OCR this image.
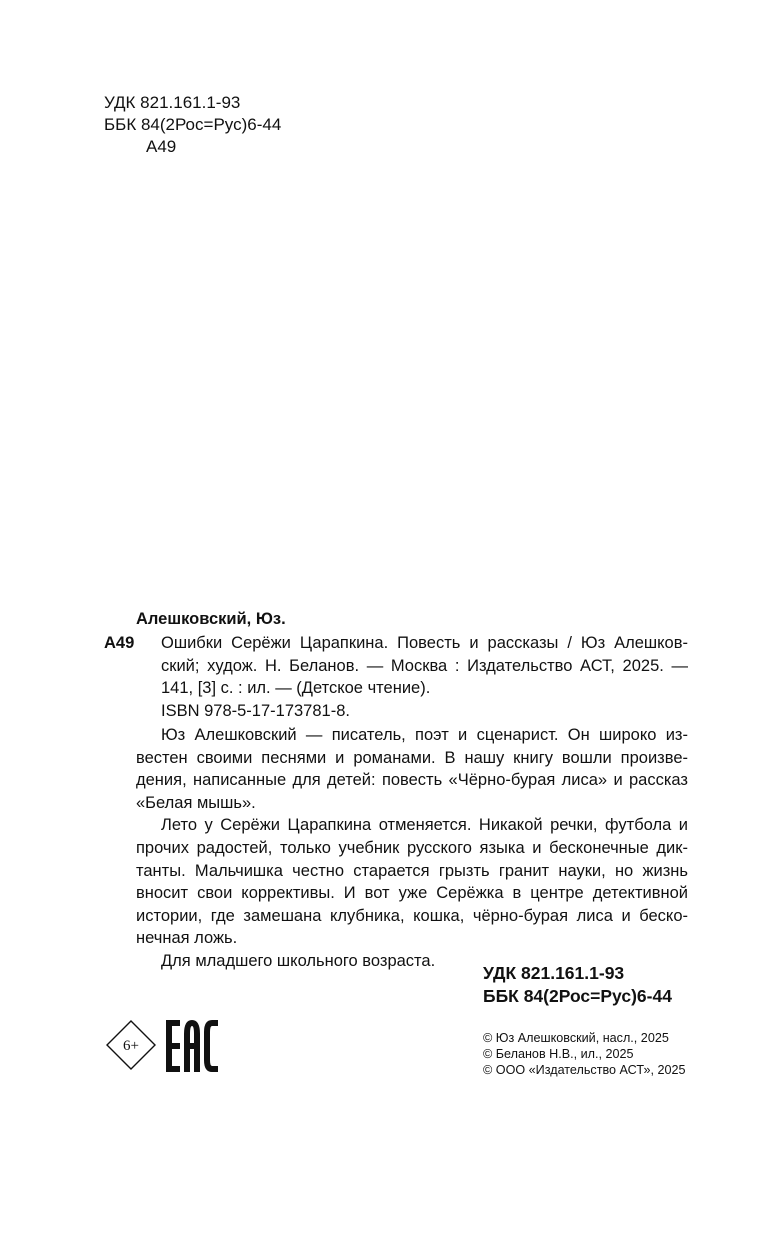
УДК 821.161.1-93
ББК 84(2Рос=Рус)6-44
А49
Алешковский, Юз.
А49 Ошибки Серёжи Царапкина. Повесть и рассказы / Юз Алешков-
ский; худож. Н. Беланов. — Москва : Издательство АСТ, 2025. —
141, [3] с. : ил. — (Детское чтение).
ISBN 978-5-17-173781-8.
Юз Алешковский — писатель, поэт и сценарист. Он широко из-
вестен своими песнями и романами. В нашу книгу вошли произве-
дения, написанные для детей: повесть «Чёрно-бурая лиса» и рассказ
«Белая мышь».
Лето у Серёжи Царапкина отменяется. Никакой речки, футбола и
прочих радостей, только учебник русского языка и бесконечные дик-
танты. Мальчишка честно старается грызть гранит науки, но жизнь
вносит свои коррективы. И вот уже Серёжка в центре детективной
истории, где замешана клубника, кошка, чёрно-бурая лиса и беско-
нечная ложь.
Для младшего школьного возраста.
УДК 821.161.1-93
ББК 84(2Рос=Рус)6-44
6+	© Юз Алешковский, насл., 2025
© Беланов Н.В., ил., 2025
© ООО «Издательство АСТ», 2025
